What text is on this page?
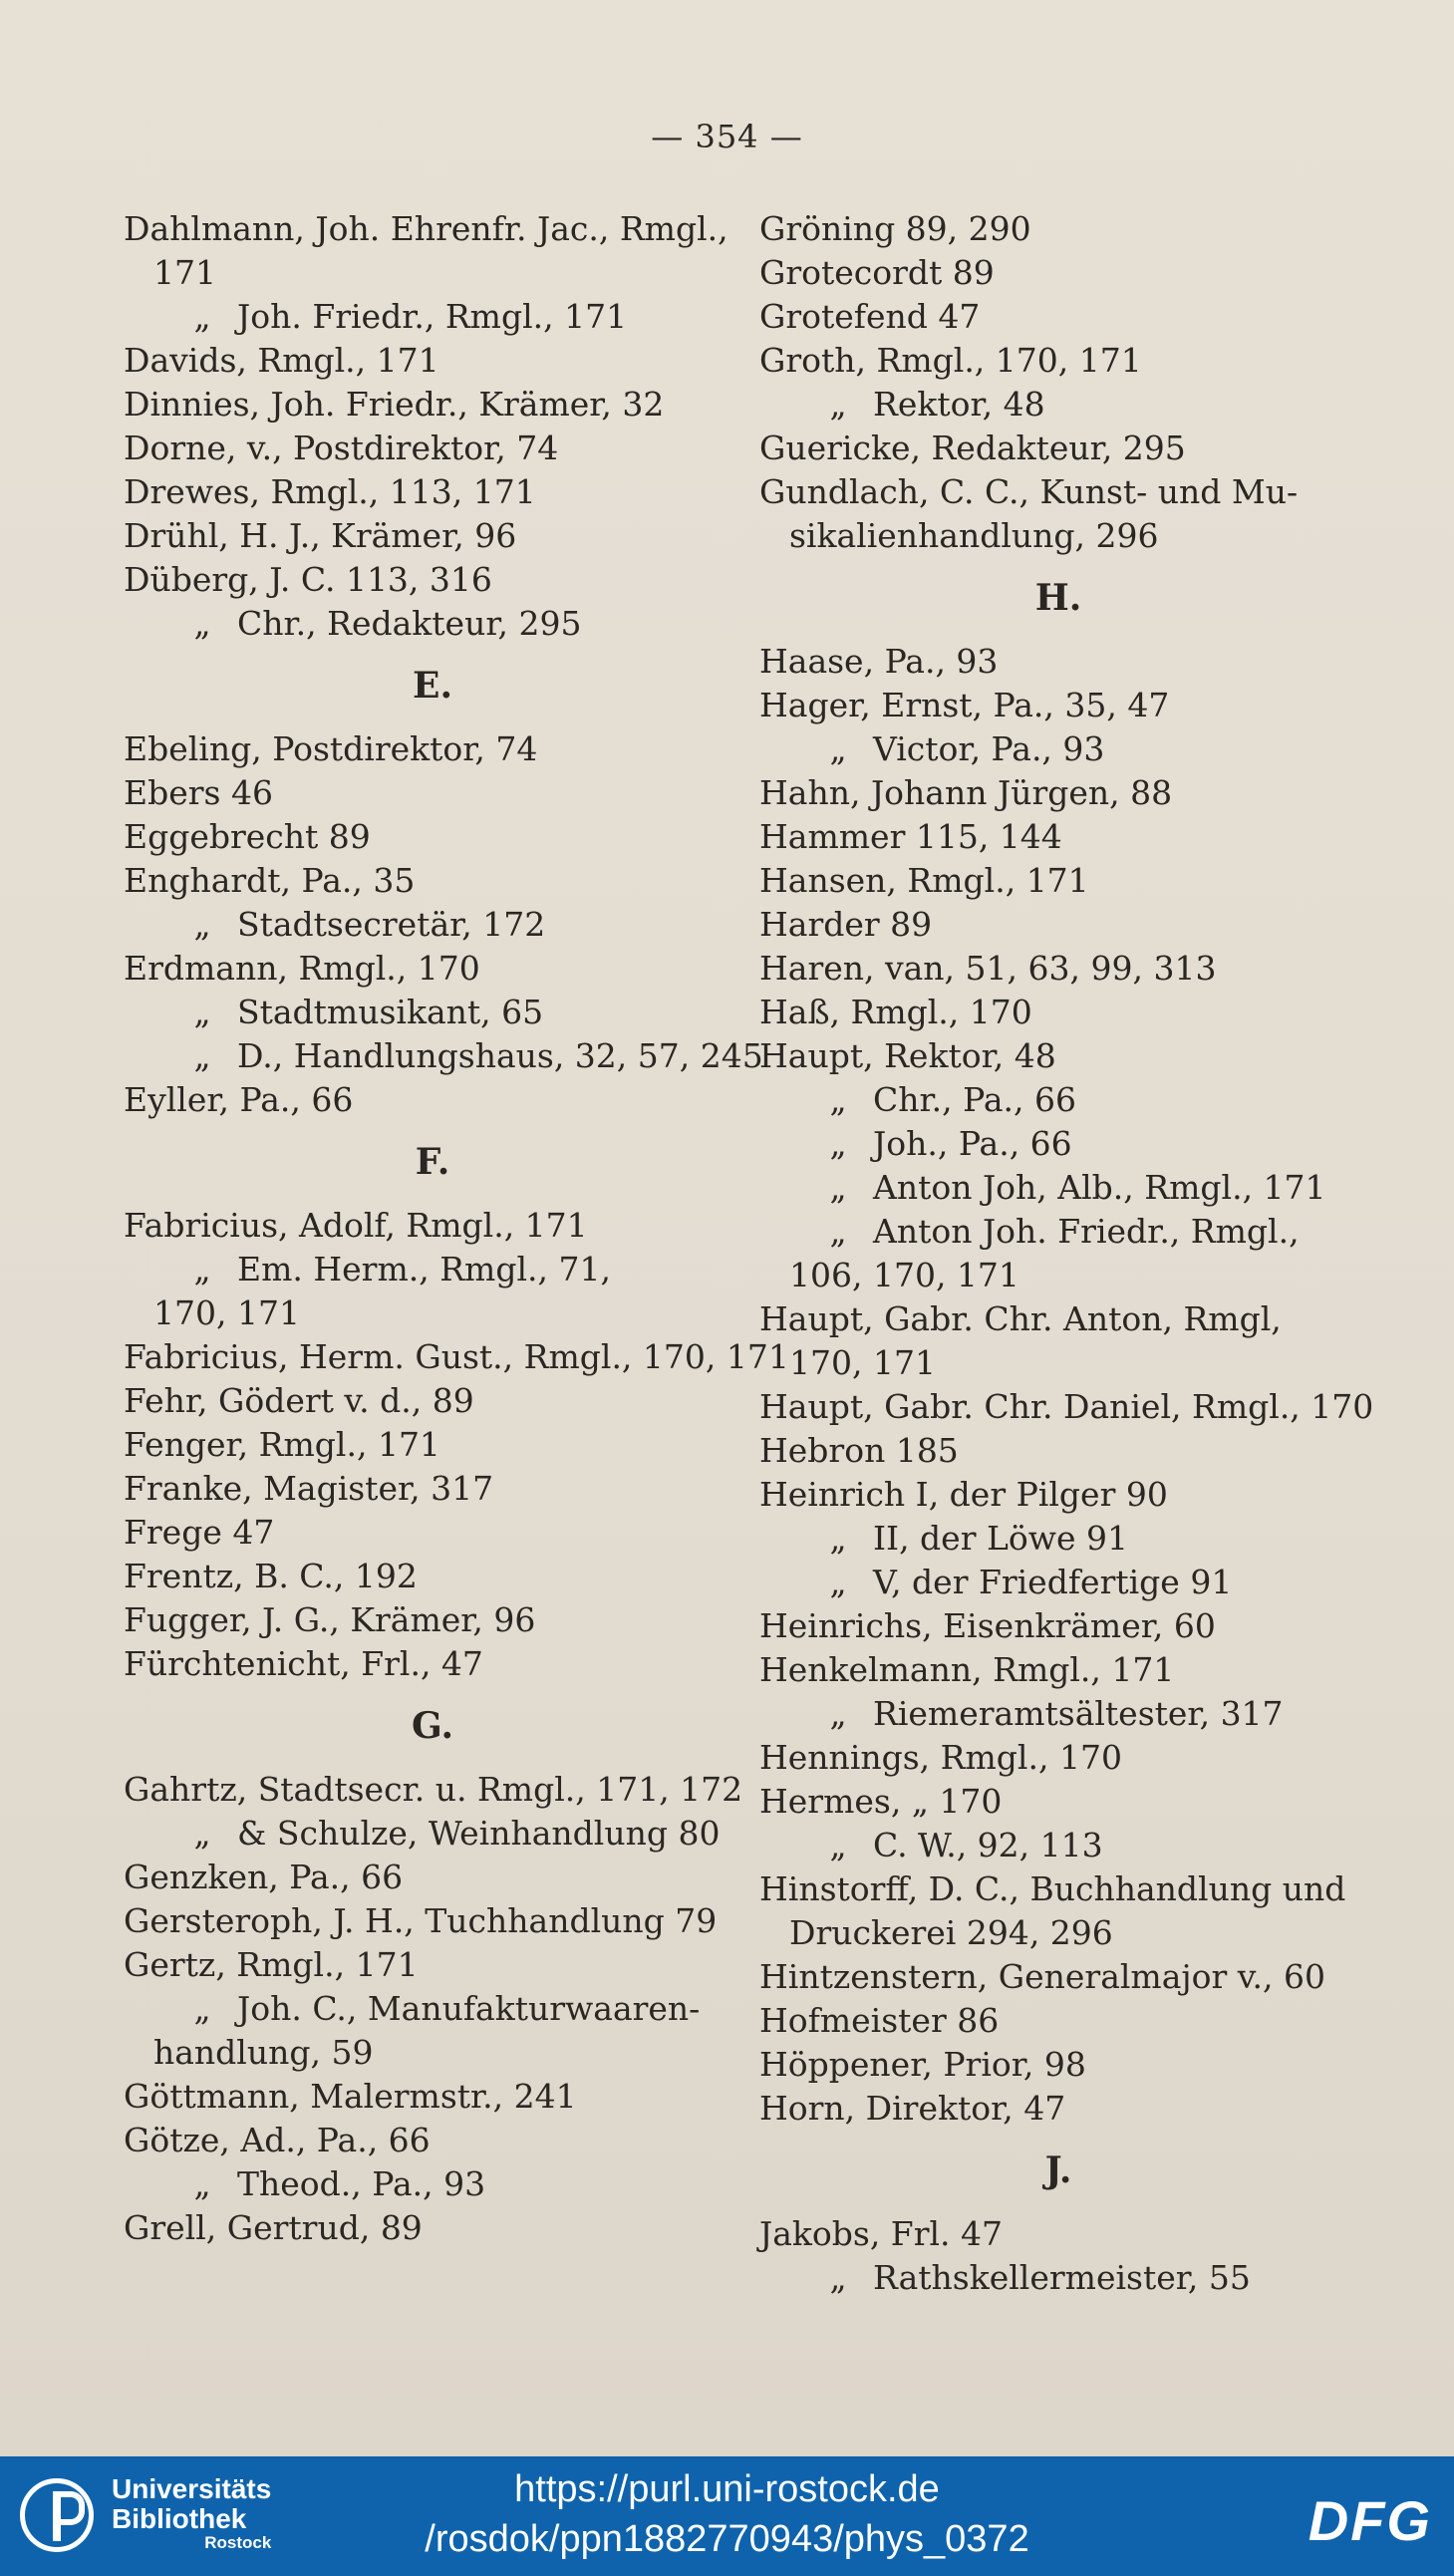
— 354 —
Dahlmann, Joh. Ehrenfr. Jac., Rmgl.,
171
„ Joh. Friedr., Rmgl., 171
Davids, Rmgl., 171
Dinnies, Joh. Friedr., Krämer, 32
Dorne, v., Postdirektor, 74
Drewes, Rmgl., 113, 171
Drühl, H. J., Krämer, 96
Düberg, J. C. 113, 316
„ Chr., Redakteur, 295
E.
Ebeling, Postdirektor, 74
Ebers 46
Eggebrecht 89
Enghardt, Pa., 35
„ Stadtsecretär, 172
Erdmann, Rmgl., 170
„ Stadtmusikant, 65
„ D., Handlungshaus, 32, 57, 245
Eyller, Pa., 66
F.
Fabricius, Adolf, Rmgl., 171
„ Em. Herm., Rmgl., 71,
170, 171
Fabricius, Herm. Gust., Rmgl., 170, 171
Fehr, Gödert v. d., 89
Fenger, Rmgl., 171
Franke, Magister, 317
Frege 47
Frentz, B. C., 192
Fugger, J. G., Krämer, 96
Fürchtenicht, Frl., 47
G.
Gahrtz, Stadtsecr. u. Rmgl., 171, 172
„ & Schulze, Weinhandlung 80
Genzken, Pa., 66
Gersteroph, J. H., Tuchhandlung 79
Gertz, Rmgl., 171
„ Joh. C., Manufakturwaaren-
handlung, 59
Göttmann, Malermstr., 241
Götze, Ad., Pa., 66
„ Theod., Pa., 93
Grell, Gertrud, 89
Gröning 89, 290
Grotecordt 89
Grotefend 47
Groth, Rmgl., 170, 171
„ Rektor, 48
Guericke, Redakteur, 295
Gundlach, C. C., Kunst- und Mu-
sikalienhandlung, 296
H.
Haase, Pa., 93
Hager, Ernst, Pa., 35, 47
„ Victor, Pa., 93
Hahn, Johann Jürgen, 88
Hammer 115, 144
Hansen, Rmgl., 171
Harder 89
Haren, van, 51, 63, 99, 313
Haß, Rmgl., 170
Haupt, Rektor, 48
„ Chr., Pa., 66
„ Joh., Pa., 66
„ Anton Joh, Alb., Rmgl., 171
„ Anton Joh. Friedr., Rmgl.,
106, 170, 171
Haupt, Gabr. Chr. Anton, Rmgl,
170, 171
Haupt, Gabr. Chr. Daniel, Rmgl., 170
Hebron 185
Heinrich I, der Pilger 90
„ II, der Löwe 91
„ V, der Friedfertige 91
Heinrichs, Eisenkrämer, 60
Henkelmann, Rmgl., 171
„ Riemeramtsältester, 317
Hennings, Rmgl., 170
Hermes, „ 170
„ C. W., 92, 113
Hinstorff, D. C., Buchhandlung und
Druckerei 294, 296
Hintzenstern, Generalmajor v., 60
Hofmeister 86
Höppener, Prior, 98
Horn, Direktor, 47
J.
Jakobs, Frl. 47
„ Rathskellermeister, 55
Universitäts
Bibliothek
Rostock
https://purl.uni-rostock.de
/rosdok/ppn1882770943/phys_0372	DFG
